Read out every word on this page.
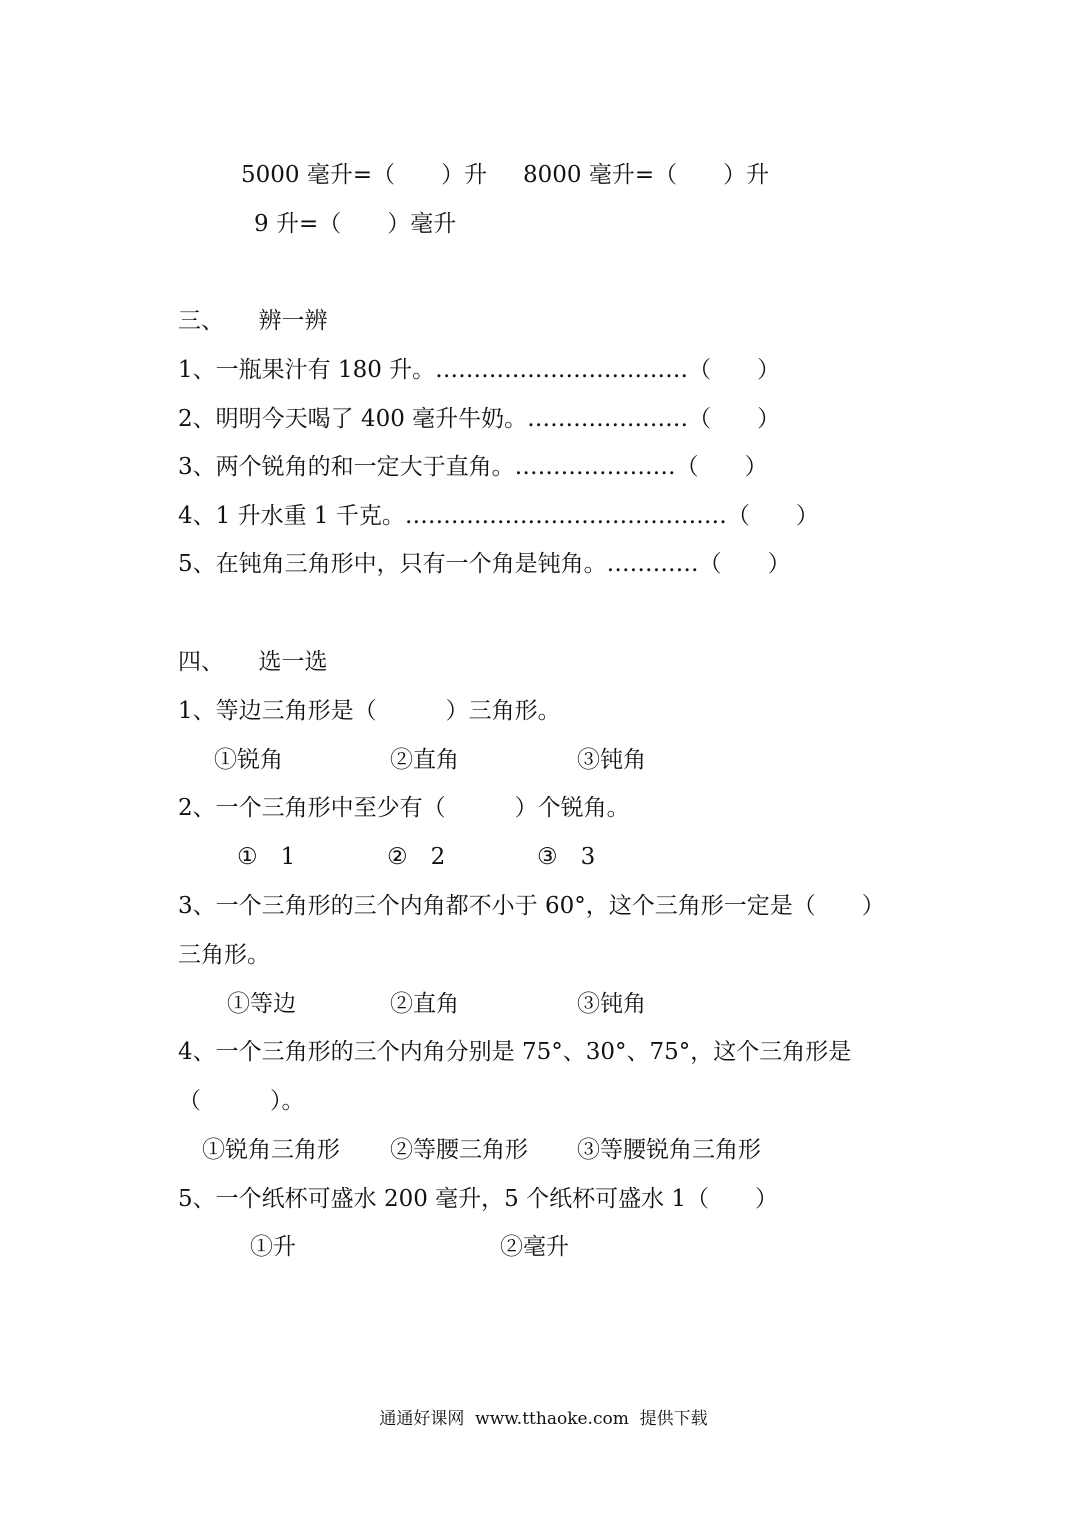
5000 毫升=（　　）升 8000 毫升=（　　）升
9 升=（　　）毫升
三、　　辨一辨
1、一瓶果汁有 180 升。……………………………（　　）
2、明明今天喝了 400 毫升牛奶。…………………（　　）
3、两个锐角的和一定大于直角。…………………（　　）
4、1 升水重 1 千克。……………………………………（　　）
5、在钝角三角形中，只有一个角是钝角。…………（　　）
四、　　选一选
1、等边三角形是（　　　）三角形。
①锐角	②直角	③钝角
2、一个三角形中至少有（　　　）个锐角。
①　1	②　2	③　3
3、一个三角形的三个内角都不小于 60°，这个三角形一定是（　　）
三角形。
①等边	②直角	③钝角
4、一个三角形的三个内角分别是 75°、30°、75°，这个三角形是
（　　　）。
①锐角三角形 ②等腰三角形 ③等腰锐角三角形
5、一个纸杯可盛水 200 毫升，5 个纸杯可盛水 1（　　）
①升	②毫升
通通好课网  www.tthaoke.com  提供下载
